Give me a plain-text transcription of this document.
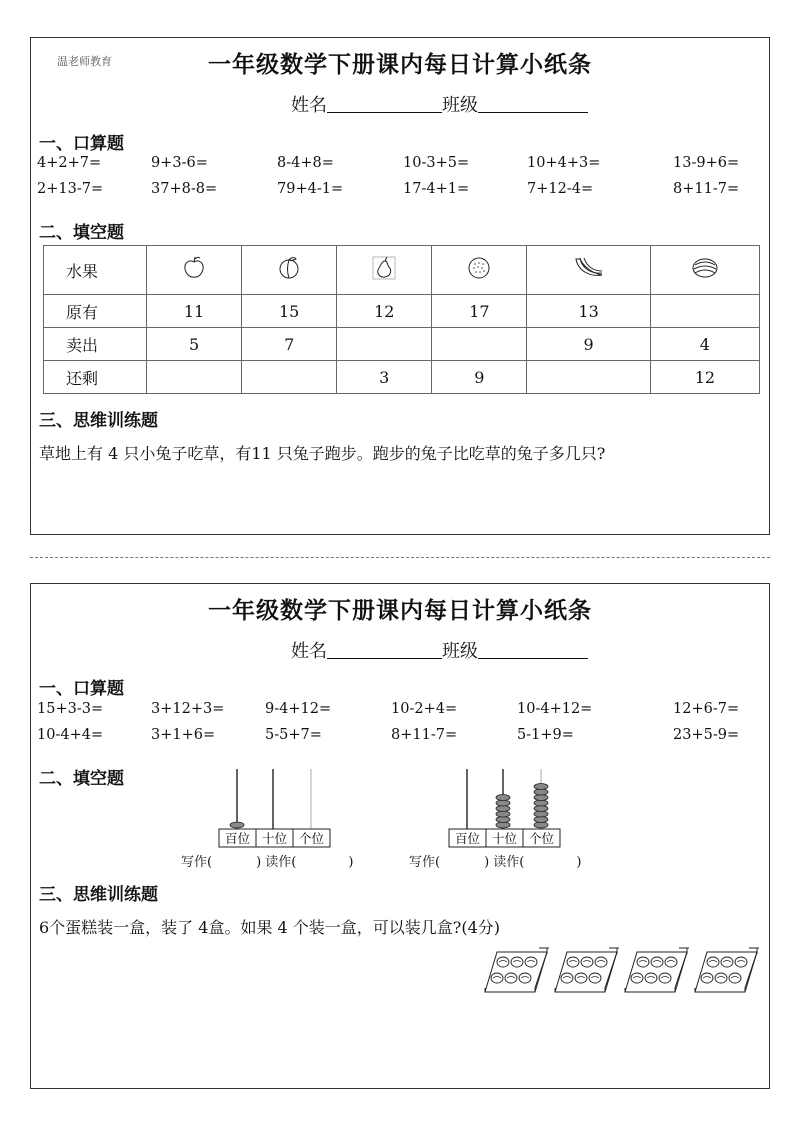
温老师教育	一年级数学下册课内每日计算小纸条
姓名	班级
一、口算题
4+2+7=	9+3-6=	8-4+8=	10-3+5=	10+4+3=	13-9+6=
2+13-7=	37+8-8=	79+4-1=	17-4+1=	7+12-4=	8+11-7=
二、填空题
水果						
原有	11	15	12	17	13	
卖出	5	7			9	4
还剩			3	9		12
三、思维训练题
草地上有 4 只小兔子吃草，有11 只兔子跑步。跑步的兔子比吃草的兔子多几只?
一年级数学下册课内每日计算小纸条
姓名	班级
一、口算题
15+3-3=	3+12+3=	9-4+12=	10-2+4=	10-4+12=	12+6-7=
10-4+4=	3+1+6=	5-5+7=	8+11-7=	5-1+9=	23+5-9=
二、填空题
百位 十位 个位
写作(	) 读作(	)
百位 十位 个位
写作(	) 读作(	)
三、思维训练题
6个蛋糕装一盒，装了 4盒。如果 4 个装一盒，可以装几盒?(4分)
